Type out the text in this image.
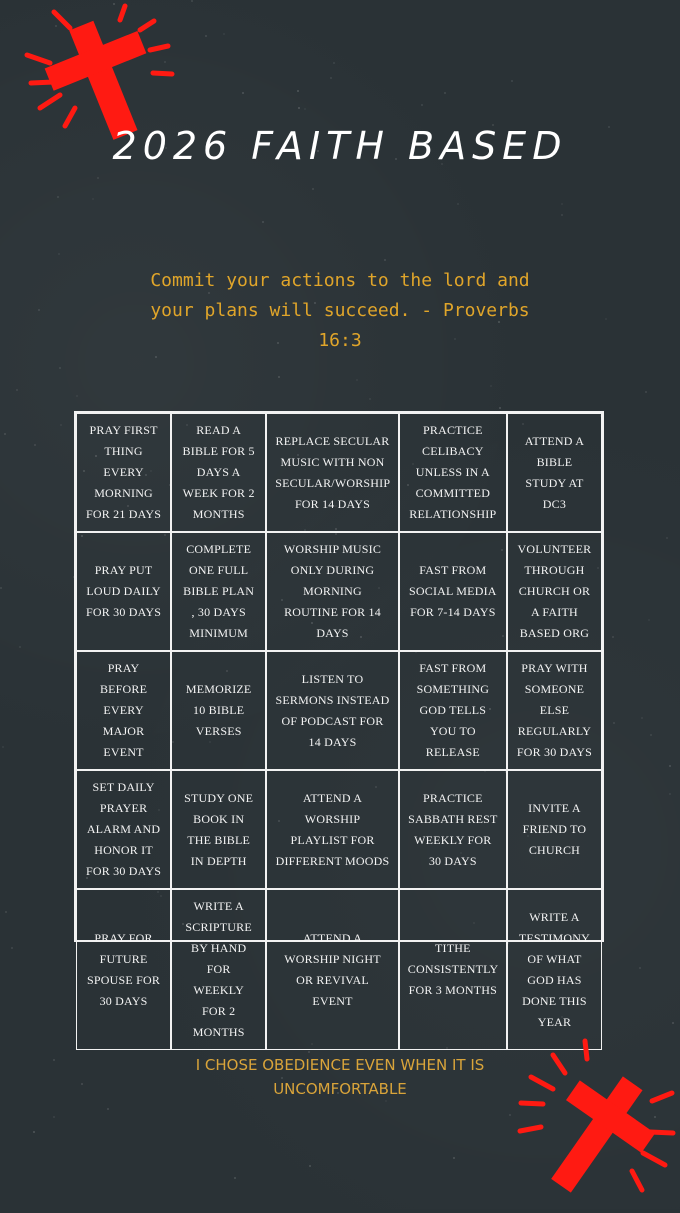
2026 FAITH BASED
Commit your actions to the lord and your plans will succeed. - Proverbs 16:3
PRAY FIRST THING EVERY MORNING FOR 21 DAYS
READ A BIBLE FOR 5 DAYS A WEEK FOR 2 MONTHS
REPLACE SECULAR MUSIC WITH NON SECULAR/WORSHIP FOR 14 DAYS
PRACTICE CELIBACY UNLESS IN A COMMITTED RELATIONSHIP
ATTEND A BIBLE STUDY AT DC3
PRAY PUT LOUD DAILY FOR 30 DAYS
COMPLETE ONE FULL BIBLE PLAN , 30 DAYS MINIMUM
WORSHIP MUSIC ONLY DURING MORNING ROUTINE FOR 14 DAYS
FAST FROM SOCIAL MEDIA FOR 7-14 DAYS
VOLUNTEER THROUGH CHURCH OR A FAITH BASED ORG
PRAY BEFORE EVERY MAJOR EVENT
MEMORIZE 10 BIBLE VERSES
LISTEN TO SERMONS INSTEAD OF PODCAST FOR 14 DAYS
FAST FROM SOMETHING GOD TELLS YOU TO RELEASE
PRAY WITH SOMEONE ELSE REGULARLY FOR 30 DAYS
SET DAILY PRAYER ALARM AND HONOR IT FOR 30 DAYS
STUDY ONE BOOK IN THE BIBLE IN DEPTH
ATTEND A WORSHIP PLAYLIST FOR DIFFERENT MOODS
PRACTICE SABBATH REST WEEKLY FOR 30 DAYS
INVITE A FRIEND TO CHURCH
PRAY FOR FUTURE SPOUSE FOR 30 DAYS
WRITE A SCRIPTURE BY HAND FOR WEEKLY FOR 2 MONTHS
ATTEND A WORSHIP NIGHT OR REVIVAL EVENT
TITHE CONSISTENTLY FOR 3 MONTHS
WRITE A TESTIMONY OF WHAT GOD HAS DONE THIS YEAR
I CHOSE OBEDIENCE EVEN WHEN IT IS UNCOMFORTABLE
